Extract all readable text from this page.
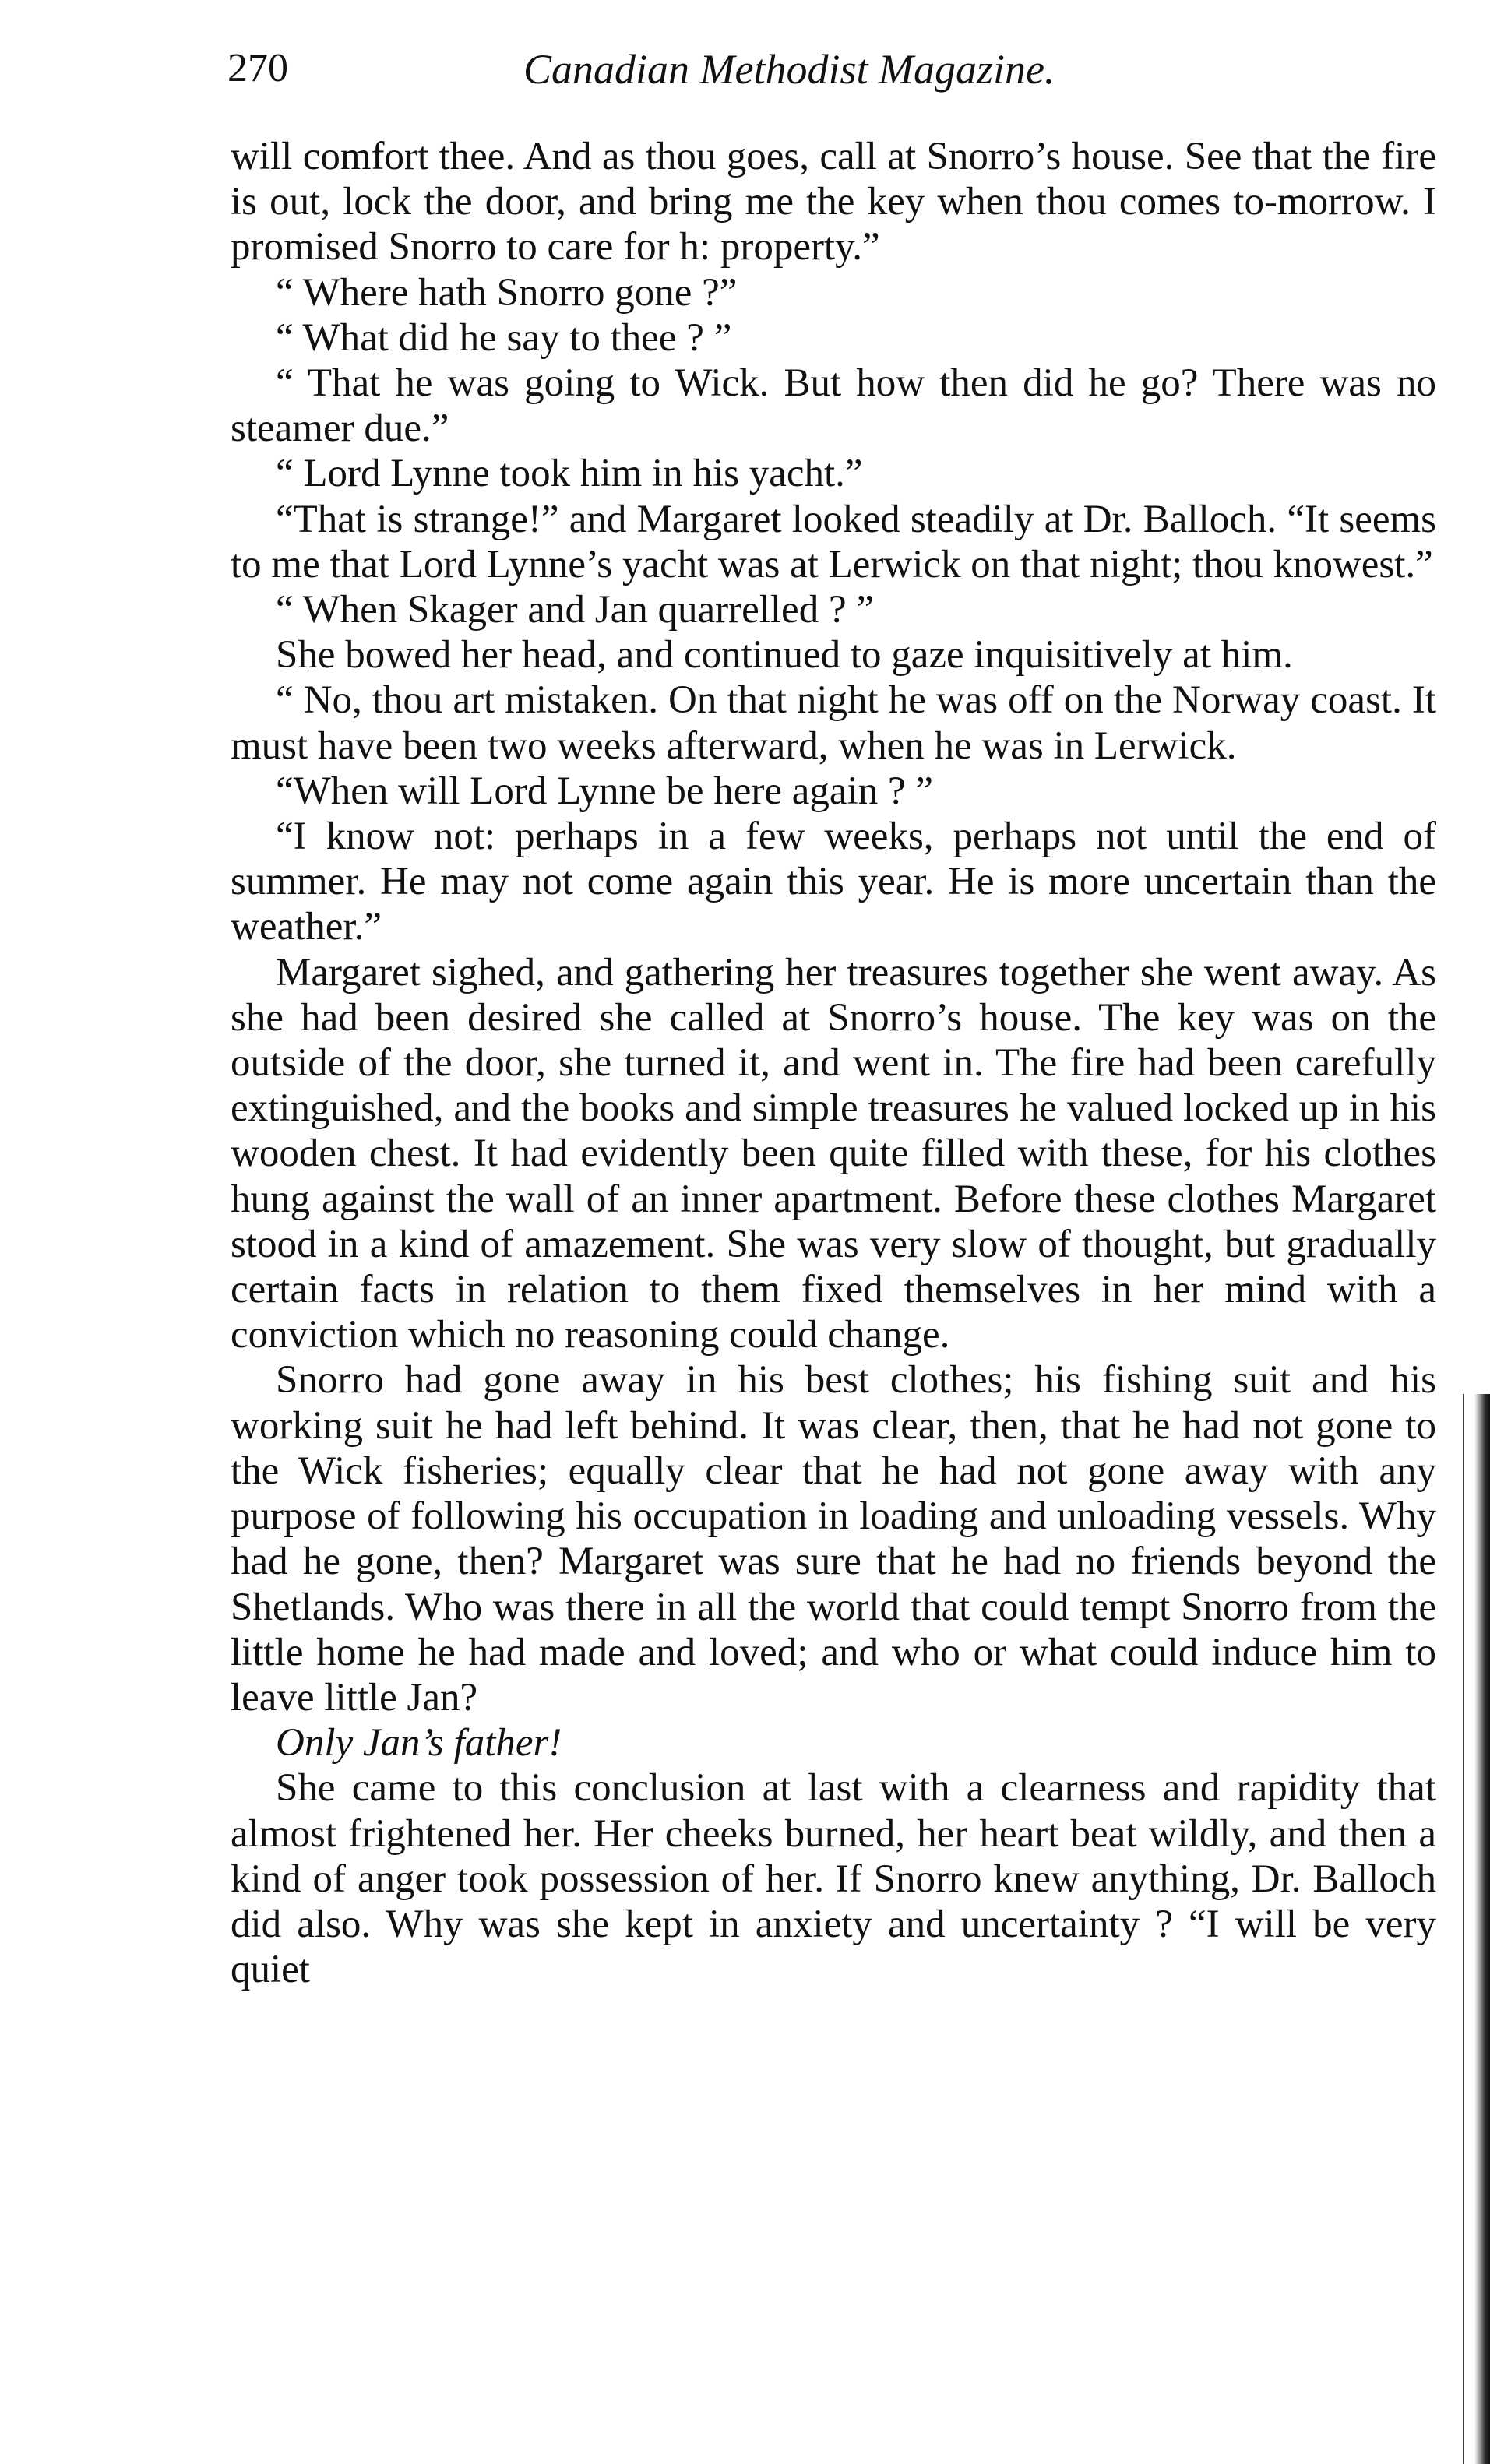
270	Canadian Methodist Magazine.

will comfort thee. And as thou goes, call at Snorro’s house. See that the fire is out, lock the door, and bring me the key when thou comes to-morrow. I promised Snorro to care for h: property.”

“ Where hath Snorro gone ?”

“ What did he say to thee ? ”

“ That he was going to Wick. But how then did he go? There was no steamer due.”

“ Lord Lynne took him in his yacht.”

“That is strange!” and Margaret looked steadily at Dr. Balloch. “It seems to me that Lord Lynne’s yacht was at Lerwick on that night; thou knowest.”

“ When Skager and Jan quarrelled ? ”

She bowed her head, and continued to gaze inquisitively at him.

“ No, thou art mistaken. On that night he was off on the Norway coast. It must have been two weeks afterward, when he was in Lerwick.

“When will Lord Lynne be here again ? ”

“I know not: perhaps in a few weeks, perhaps not until the end of summer. He may not come again this year. He is more uncertain than the weather.”

Margaret sighed, and gathering her treasures together she went away. As she had been desired she called at Snorro’s house. The key was on the outside of the door, she turned it, and went in. The fire had been carefully extinguished, and the books and simple treasures he valued locked up in his wooden chest. It had evidently been quite filled with these, for his clothes hung against the wall of an inner apartment. Before these clothes Margaret stood in a kind of amazement. She was very slow of thought, but gradually certain facts in relation to them fixed themselves in her mind with a conviction which no reasoning could change.

Snorro had gone away in his best clothes; his fishing suit and his working suit he had left behind. It was clear, then, that he had not gone to the Wick fisheries; equally clear that he had not gone away with any purpose of following his occupation in loading and unloading vessels. Why had he gone, then? Margaret was sure that he had no friends beyond the Shetlands. Who was there in all the world that could tempt Snorro from the little home he had made and loved; and who or what could induce him to leave little Jan?

Only Jan’s father!

She came to this conclusion at last with a clearness and rapidity that almost frightened her. Her cheeks burned, her heart beat wildly, and then a kind of anger took possession of her. If Snorro knew anything, Dr. Balloch did also. Why was she kept in anxiety and uncertainty ? “I will be very quiet
